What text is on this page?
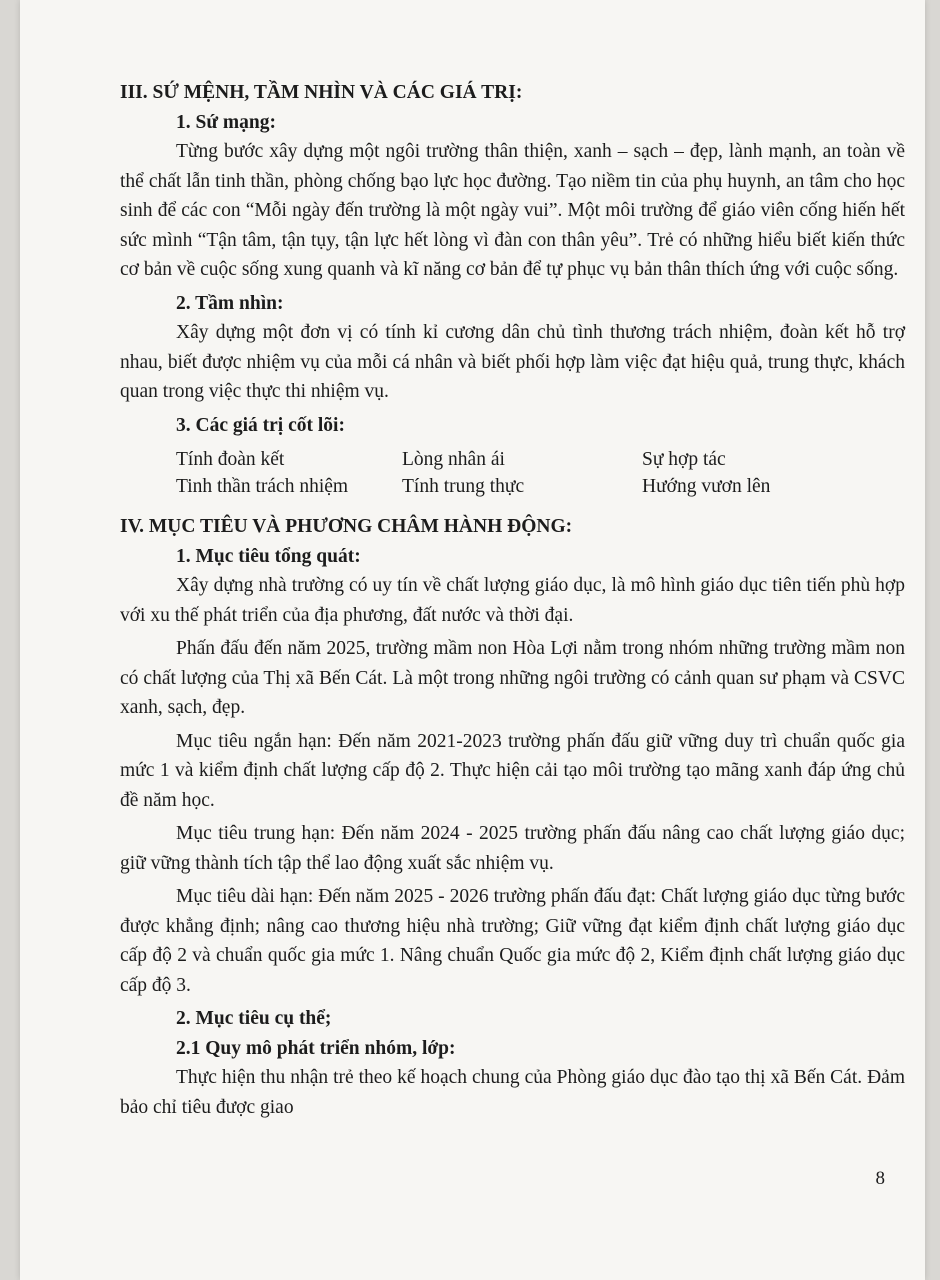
III. SỨ MỆNH, TẦM NHÌN VÀ CÁC GIÁ TRỊ:
1. Sứ mạng:

Từng bước xây dựng một ngôi trường thân thiện, xanh – sạch – đẹp, lành mạnh, an toàn về thể chất lẫn tinh thần, phòng chống bạo lực học đường. Tạo niềm tin của phụ huynh, an tâm cho học sinh để các con “Mỗi ngày đến trường là một ngày vui”. Một môi trường để giáo viên cống hiến hết sức mình “Tận tâm, tận tụy, tận lực hết lòng vì đàn con thân yêu”. Trẻ có những hiểu biết kiến thức cơ bản về cuộc sống xung quanh và kĩ năng cơ bản để tự phục vụ bản thân thích ứng với cuộc sống.

2. Tầm nhìn:

Xây dựng một đơn vị có tính kỉ cương dân chủ tình thương trách nhiệm, đoàn kết hỗ trợ nhau, biết được nhiệm vụ của mỗi cá nhân và biết phối hợp làm việc đạt hiệu quả, trung thực, khách quan trong việc thực thi nhiệm vụ.

3. Các giá trị cốt lõi:
Tính đoàn kết	Lòng nhân ái	Sự hợp tác
Tinh thần trách nhiệm	Tính trung thực	Hướng vươn lên
IV. MỤC TIÊU VÀ PHƯƠNG CHÂM HÀNH ĐỘNG:
1. Mục tiêu tổng quát:

Xây dựng nhà trường có uy tín về chất lượng giáo dục, là mô hình giáo dục tiên tiến phù hợp với xu thế phát triển của địa phương, đất nước và thời đại.

Phấn đấu đến năm 2025, trường mầm non Hòa Lợi nằm trong nhóm những trường mầm non có chất lượng của Thị xã Bến Cát. Là một trong những ngôi trường có cảnh quan sư phạm và CSVC xanh, sạch, đẹp.

Mục tiêu ngắn hạn: Đến năm 2021-2023 trường phấn đấu giữ vững duy trì chuẩn quốc gia mức 1 và kiểm định chất lượng cấp độ 2. Thực hiện cải tạo môi trường tạo mãng xanh đáp ứng chủ đề năm học.

Mục tiêu trung hạn: Đến năm 2024 - 2025 trường phấn đấu nâng cao chất lượng giáo dục; giữ vững thành tích tập thể lao động xuất sắc nhiệm vụ.

Mục tiêu dài hạn: Đến năm 2025 - 2026 trường phấn đấu đạt: Chất lượng giáo dục từng bước được khẳng định; nâng cao thương hiệu nhà trường; Giữ vững đạt kiểm định chất lượng giáo dục cấp độ 2 và chuẩn quốc gia mức 1. Nâng chuẩn Quốc gia mức độ 2, Kiểm định chất lượng giáo dục cấp độ 3.

2. Mục tiêu cụ thể;
2.1 Quy mô phát triển nhóm, lớp:

Thực hiện thu nhận trẻ theo kế hoạch chung của Phòng giáo dục đào tạo thị xã Bến Cát. Đảm bảo chỉ tiêu được giao

8
